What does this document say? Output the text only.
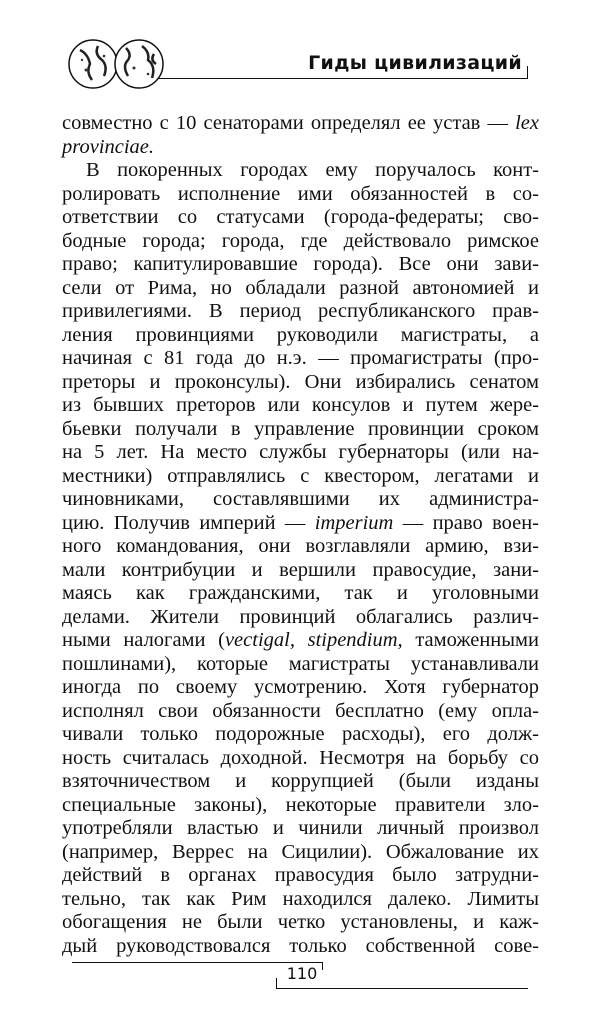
Гиды цивилизаций
совместно с 10 сенаторами определял ее устав — lex
provinciae.
В покоренных городах ему поручалось конт-
ролировать исполнение ими обязанностей в со-
ответствии со статусами (города-федераты; сво-
бодные города; города, где действовало римское
право; капитулировавшие города). Все они зави-
сели от Рима, но обладали разной автономией и
привилегиями. В период республиканского прав-
ления провинциями руководили магистраты, а
начиная с 81 года до н.э. — промагистраты (про-
преторы и проконсулы). Они избирались сенатом
из бывших преторов или консулов и путем жере-
бьевки получали в управление провинции сроком
на 5 лет. На место службы губернаторы (или на-
местники) отправлялись с квестором, легатами и
чиновниками, составлявшими их администра-
цию. Получив империй — imperium — право воен-
ного командования, они возглавляли армию, взи-
мали контрибуции и вершили правосудие, зани-
маясь как гражданскими, так и уголовными
делами. Жители провинций облагались различ-
ными налогами (vectigal, stipendium, таможенными
пошлинами), которые магистраты устанавливали
иногда по своему усмотрению. Хотя губернатор
исполнял свои обязанности бесплатно (ему опла-
чивали только подорожные расходы), его долж-
ность считалась доходной. Несмотря на борьбу со
взяточничеством и коррупцией (были изданы
специальные законы), некоторые правители зло-
употребляли властью и чинили личный произвол
(например, Веррес на Сицилии). Обжалование их
действий в органах правосудия было затрудни-
тельно, так как Рим находился далеко. Лимиты
обогащения не были четко установлены, и каж-
дый руководствовался только собственной сове-
110
